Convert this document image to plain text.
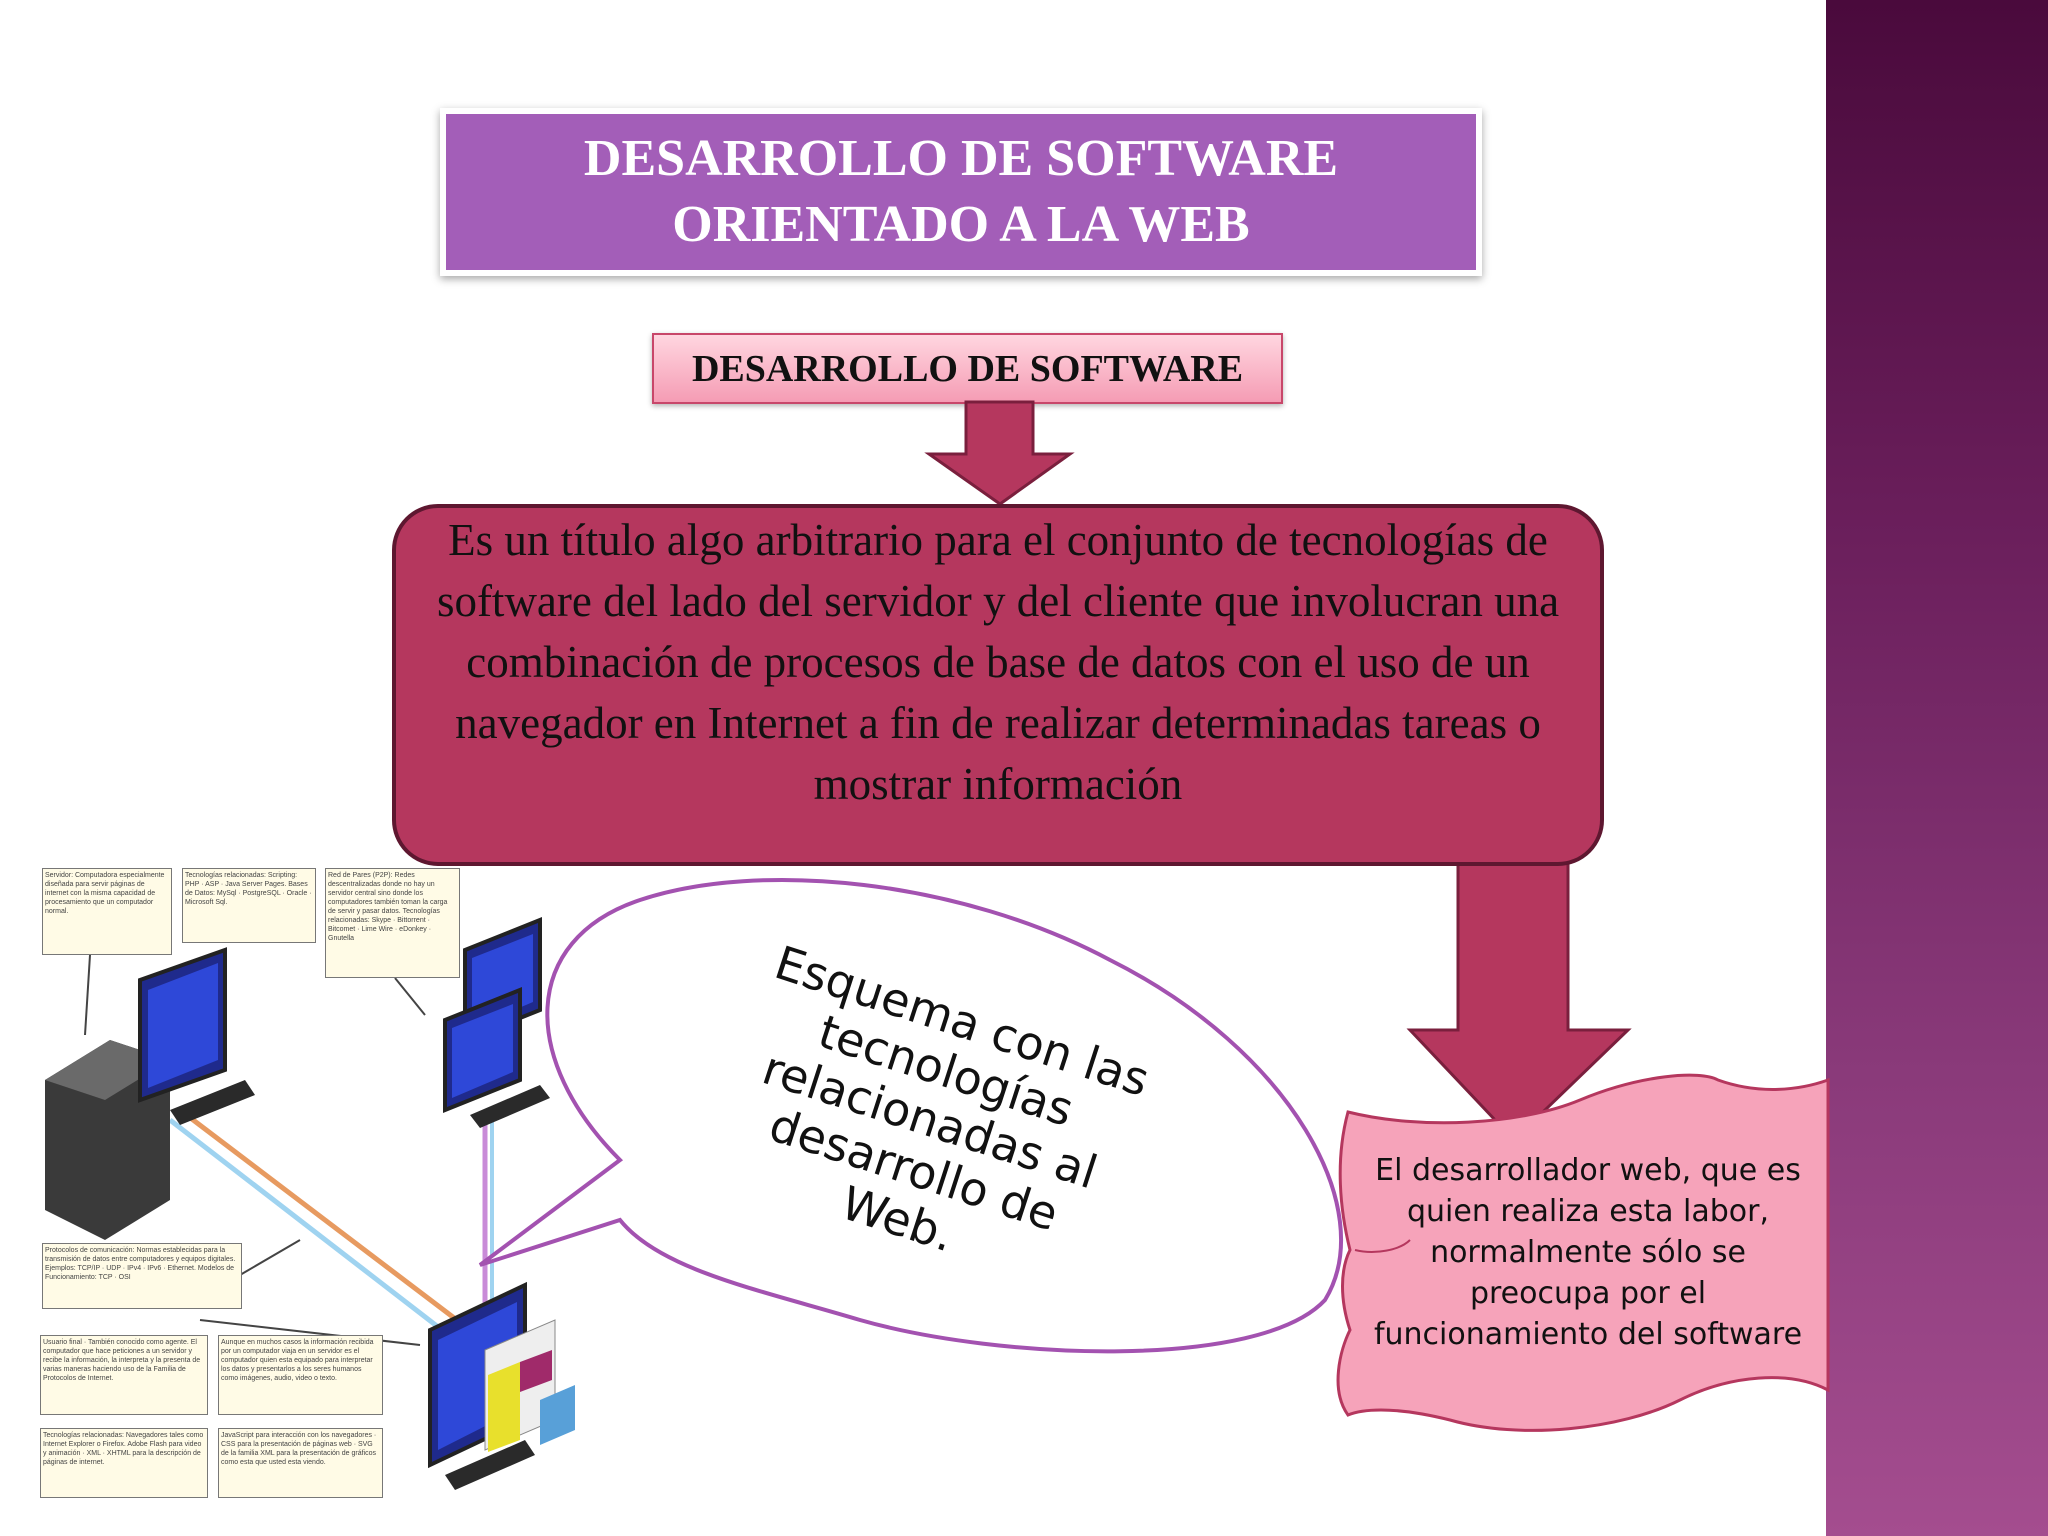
DESARROLLO DE SOFTWARE
ORIENTADO A LA WEB
DESARROLLO DE SOFTWARE
Es un título algo arbitrario para el conjunto de tecnologías de software del lado del servidor y del cliente que involucran una combinación de procesos de base de datos con el uso de un navegador en Internet a fin de realizar determinadas tareas o mostrar información
Servidor: Computadora especialmente diseñada para servir páginas de internet con la misma capacidad de procesamiento que un computador normal.
Tecnologías relacionadas: Scripting: PHP · ASP · Java Server Pages. Bases de Datos: MySql · PostgreSQL · Oracle · Microsoft Sql.
Red de Pares (P2P): Redes descentralizadas donde no hay un servidor central sino donde los computadores también toman la carga de servir y pasar datos. Tecnologías relacionadas: Skype · Bittorrent · Bitcomet · Lime Wire · eDonkey · Gnutella
Protocolos de comunicación: Normas establecidas para la transmisión de datos entre computadores y equipos digitales. Ejemplos: TCP/IP · UDP · IPv4 · IPv6 · Ethernet. Modelos de Funcionamiento: TCP · OSI
Usuario final · También conocido como agente. El computador que hace peticiones a un servidor y recibe la información, la interpreta y la presenta de varias maneras haciendo uso de la Familia de Protocolos de Internet.
Aunque en muchos casos la información recibida por un computador viaja en un servidor es el computador quien esta equipado para interpretar los datos y presentarlos a los seres humanos como imágenes, audio, video o texto.
Tecnologías relacionadas: Navegadores tales como Internet Explorer o Firefox. Adobe Flash para video y animación · XML · XHTML para la descripción de páginas de internet.
JavaScript para interacción con los navegadores · CSS para la presentación de páginas web · SVG de la familia XML para la presentación de gráficos como esta que usted esta viendo.
Esquema con las tecnologías relacionadas al desarrollo de Web.
El desarrollador web, que es quien realiza esta labor, normalmente sólo se preocupa por el funcionamiento del software
